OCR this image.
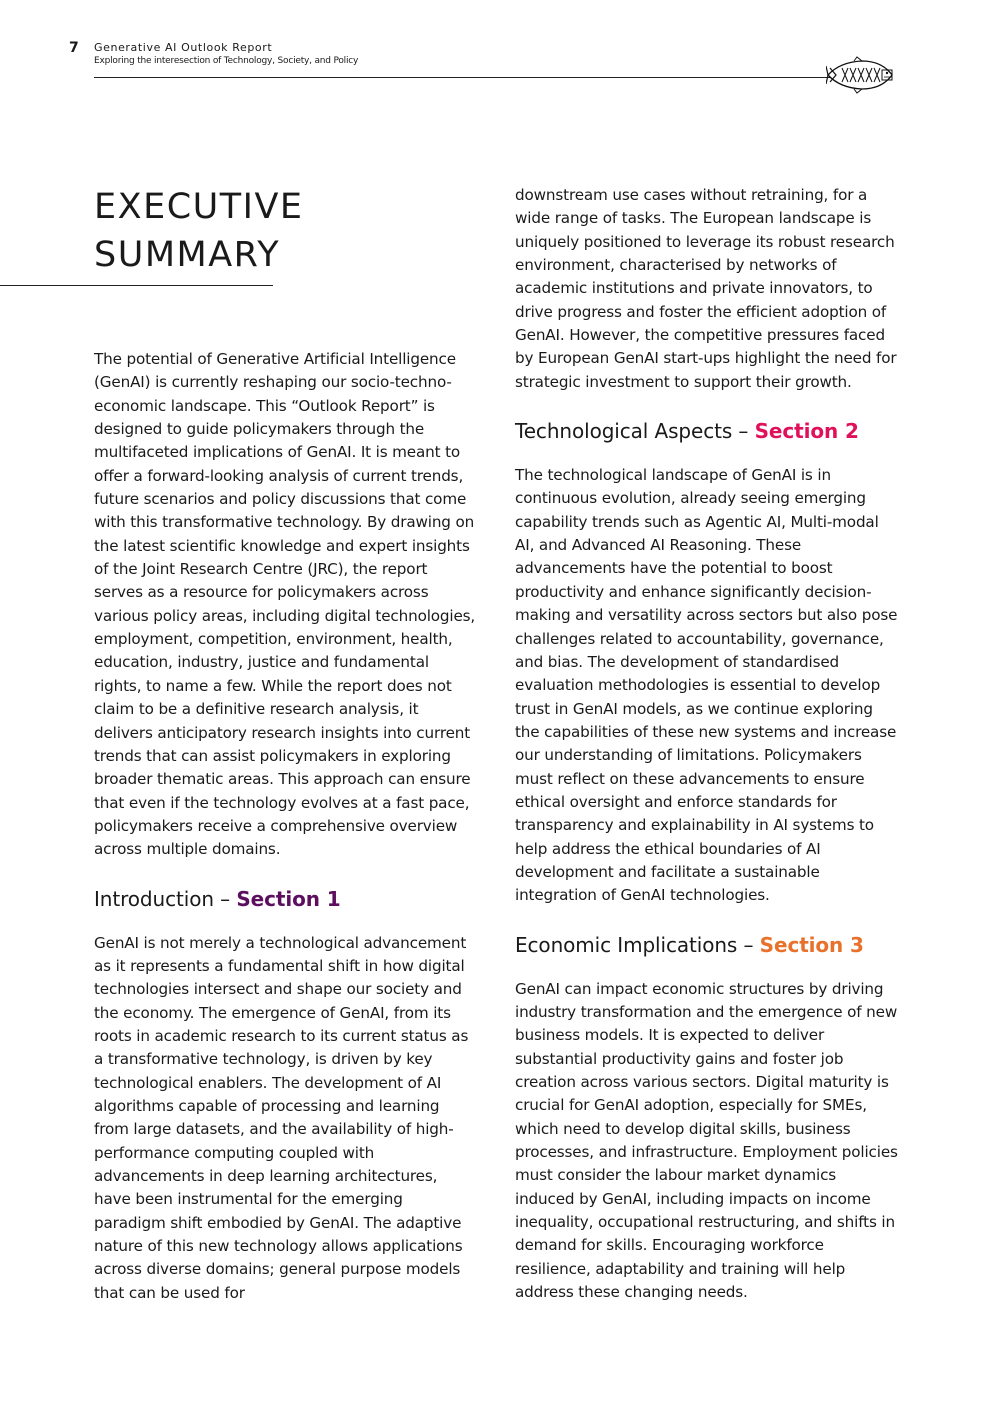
7	Generative AI Outlook Report
Exploring the interesection of Technology, Society, and Policy
EXECUTIVE
SUMMARY

The potential of Generative Artificial Intelligence (GenAI) is currently reshaping our socio-techno-economic landscape. This “Outlook Report” is designed to guide policymakers through the multifaceted implications of GenAI. It is meant to offer a forward-looking analysis of current trends, future scenarios and policy discussions that come with this transformative technology. By drawing on the latest scientific knowledge and expert insights of the Joint Research Centre (JRC), the report serves as a resource for policymakers across various policy areas, including digital technologies, employment, competition, environment, health, education, industry, justice and fundamental rights, to name a few. While the report does not claim to be a definitive research analysis, it delivers anticipatory research insights into current trends that can assist policymakers in exploring broader thematic areas. This approach can ensure that even if the technology evolves at a fast pace, policymakers receive a comprehensive overview across multiple domains.

Introduction – Section 1

GenAI is not merely a technological advancement as it represents a fundamental shift in how digital technologies intersect and shape our society and the economy. The emergence of GenAI, from its roots in academic research to its current status as a transformative technology, is driven by key technological enablers. The development of AI algorithms capable of processing and learning from large datasets, and the availability of high-performance computing coupled with advancements in deep learning architectures, have been instrumental for the emerging paradigm shift embodied by GenAI. The adaptive nature of this new technology allows applications across diverse domains; general purpose models that can be used for

downstream use cases without retraining, for a wide range of tasks. The European landscape is uniquely positioned to leverage its robust research environment, characterised by networks of academic institutions and private innovators, to drive progress and foster the efficient adoption of GenAI. However, the competitive pressures faced by European GenAI start-ups highlight the need for strategic investment to support their growth.

Technological Aspects – Section 2

The technological landscape of GenAI is in continuous evolution, already seeing emerging capability trends such as Agentic AI, Multi-modal AI, and Advanced AI Reasoning. These advancements have the potential to boost productivity and enhance significantly decision-making and versatility across sectors but also pose challenges related to accountability, governance, and bias. The development of standardised evaluation methodologies is essential to develop trust in GenAI models, as we continue exploring the capabilities of these new systems and increase our understanding of limitations. Policymakers must reflect on these advancements to ensure ethical oversight and enforce standards for transparency and explainability in AI systems to help address the ethical boundaries of AI development and facilitate a sustainable integration of GenAI technologies.

Economic Implications – Section 3

GenAI can impact economic structures by driving industry transformation and the emergence of new business models. It is expected to deliver substantial productivity gains and foster job creation across various sectors. Digital maturity is crucial for GenAI adoption, especially for SMEs, which need to develop digital skills, business processes, and infrastructure. Employment policies must consider the labour market dynamics induced by GenAI, including impacts on income inequality, occupational restructuring, and shifts in demand for skills. Encouraging workforce resilience, adaptability and training will help address these changing needs.
